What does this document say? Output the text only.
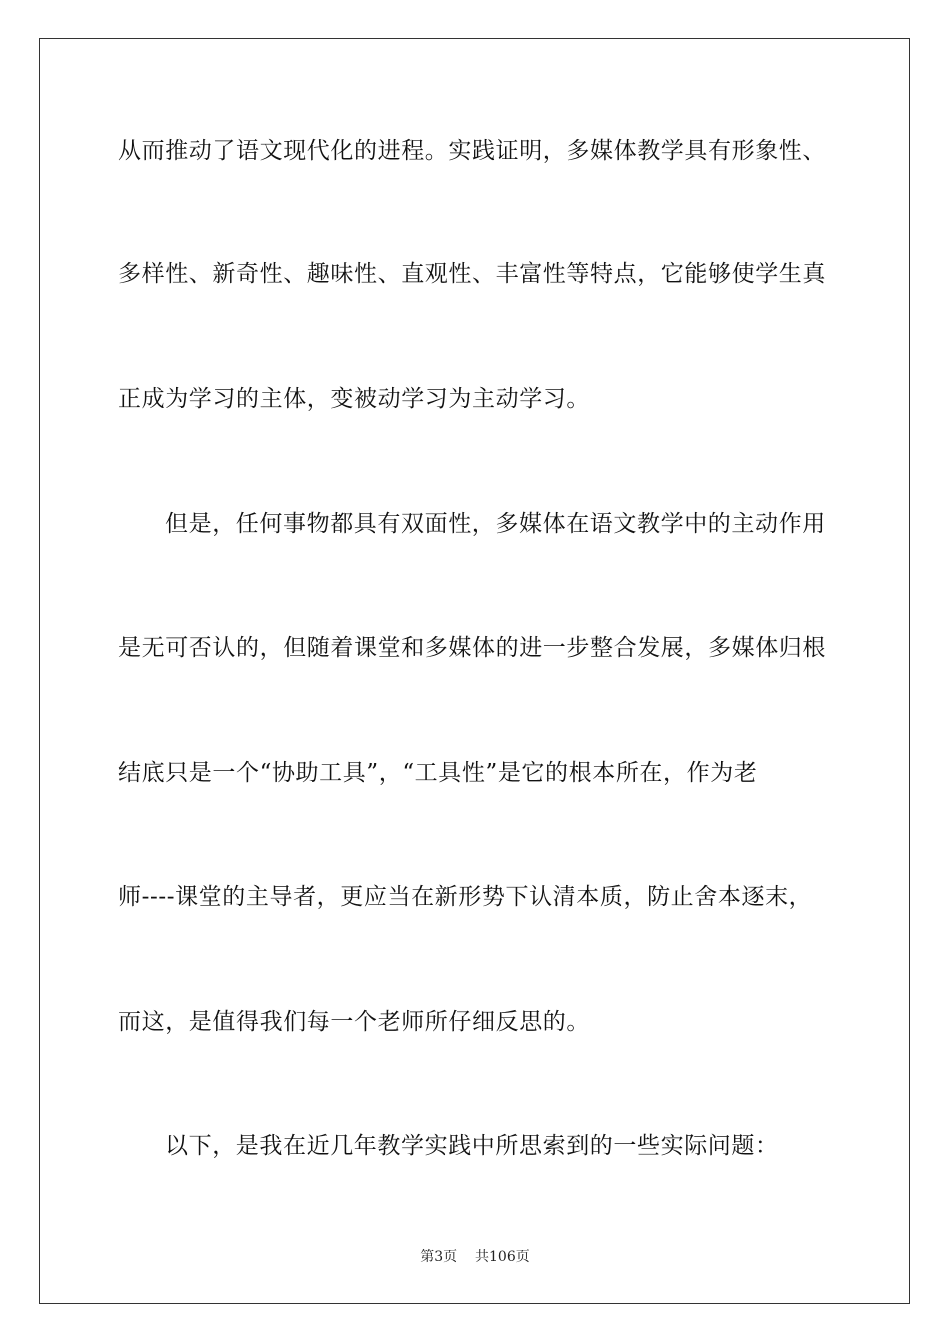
从而推动了语文现代化的进程。实践证明，多媒体教学具有形象性、
多样性、新奇性、趣味性、直观性、丰富性等特点，它能够使学生真
正成为学习的主体，变被动学习为主动学习。
但是，任何事物都具有双面性，多媒体在语文教学中的主动作用
是无可否认的，但随着课堂和多媒体的进一步整合发展，多媒体归根
结底只是一个“协助工具”，“工具性”是它的根本所在，作为老
师----课堂的主导者，更应当在新形势下认清本质，防止舍本逐末，
而这，是值得我们每一个老师所仔细反思的。
以下，是我在近几年教学实践中所思索到的一些实际问题：
第3页 共106页
